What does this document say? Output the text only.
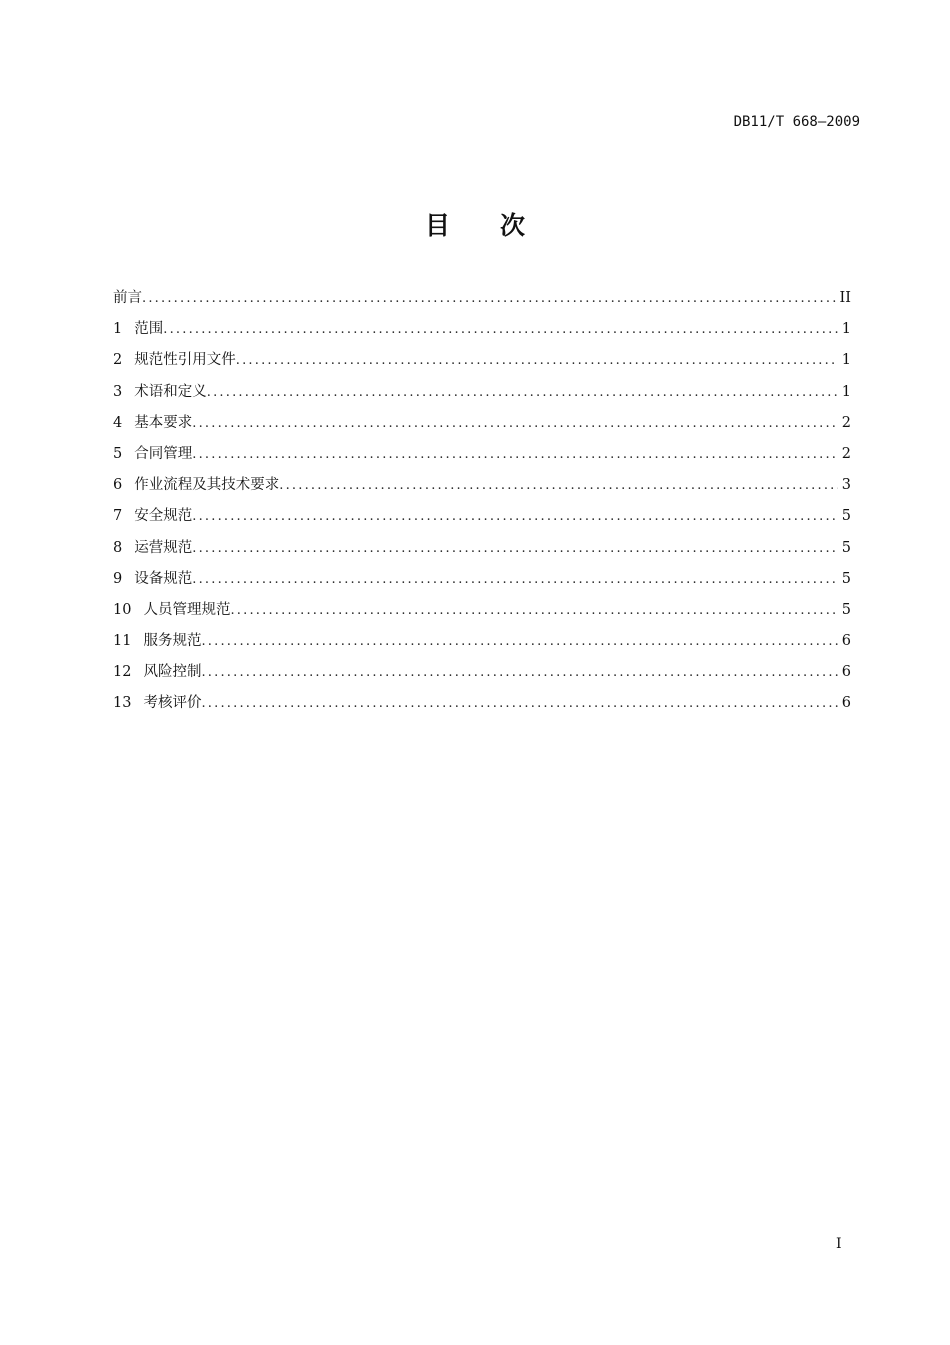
DB11/T 668—2009
目 次
前言 .....	II
1 范围 .....	1
2 规范性引用文件 .....	1
3 术语和定义 .....	1
4 基本要求 .....	2
5 合同管理 .....	2
6 作业流程及其技术要求 .....	3
7 安全规范 .....	5
8 运营规范 .....	5
9 设备规范 .....	5
10 人员管理规范 .....	5
11 服务规范 .....	6
12 风险控制 .....	6
13 考核评价 .....	6
I
